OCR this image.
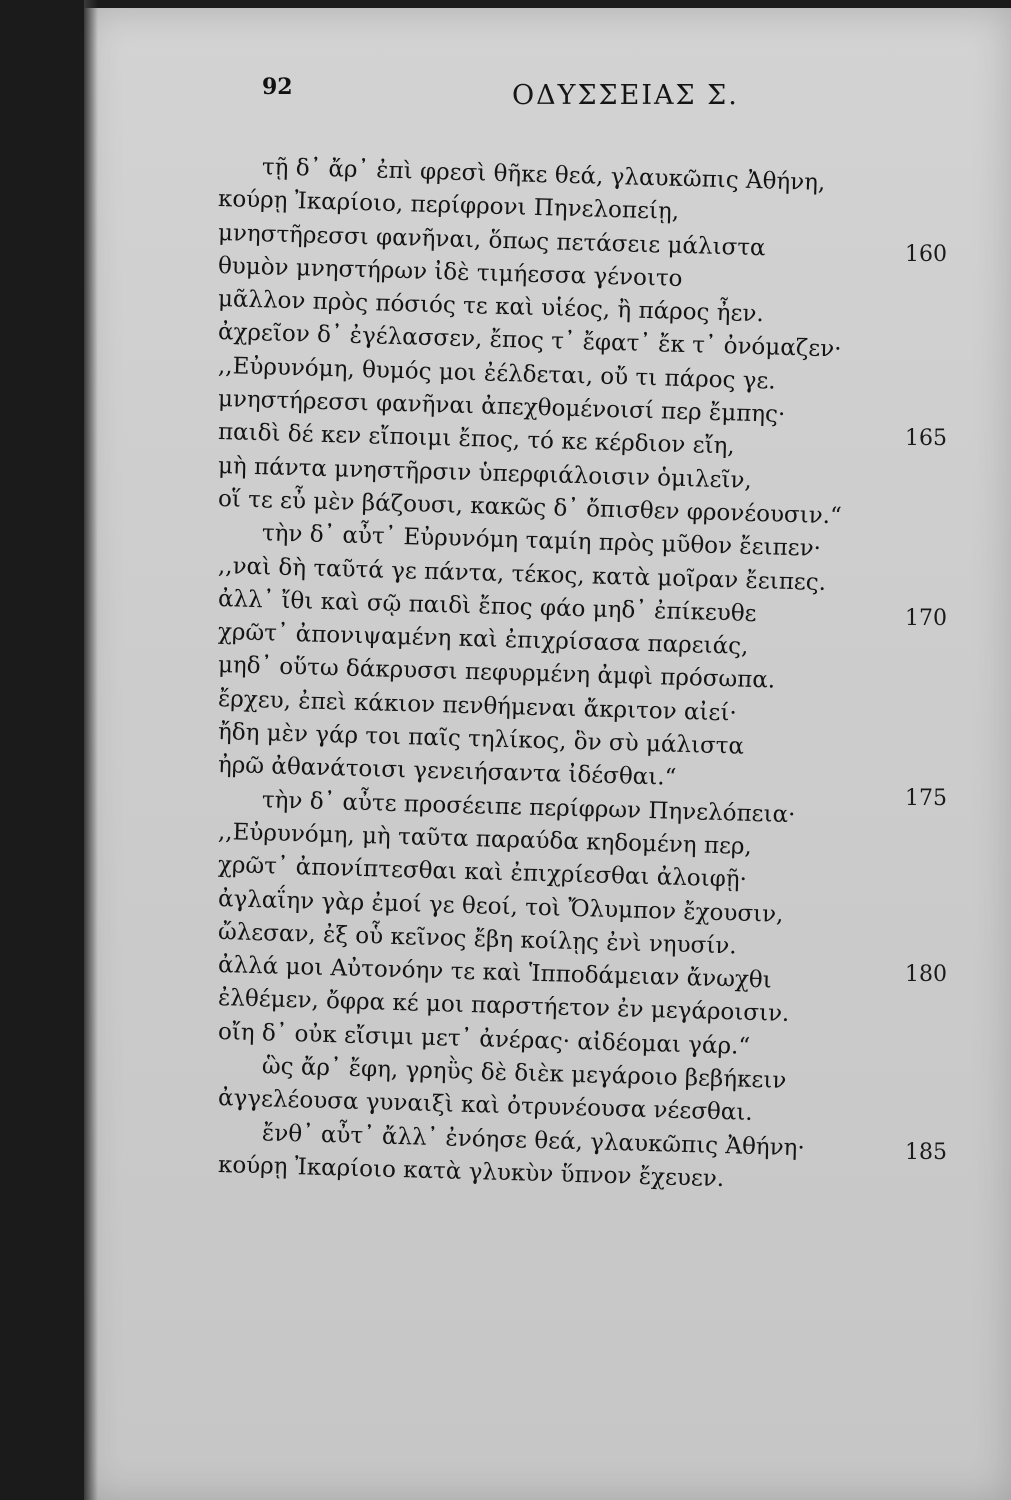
92	ΟΔΥΣΣΕΙΑΣ Σ.
τῇ δ᾿ ἄρ᾿ ἐπὶ φρεσὶ θῆκε θεά, γλαυκῶπις Ἀθήνη,
κούρῃ Ἰκαρίοιο, περίφρονι Πηνελοπείῃ,
μνηστῆρεσσι φανῆναι, ὅπως πετάσειε μάλιστα
θυμὸν μνηστήρων ἰδὲ τιμήεσσα γένοιτο
μᾶλλον πρὸς πόσιός τε καὶ υἱέος, ἢ πάρος ἦεν.
ἀχρεῖον δ᾿ ἐγέλασσεν, ἔπος τ᾿ ἔφατ᾿ ἔκ τ᾿ ὀνόμαζεν·
,,Εὐρυνόμη, θυμός μοι ἐέλδεται, οὔ τι πάρος γε.
μνηστήρεσσι φανῆναι ἀπεχθομένοισί περ ἔμπης·
παιδὶ δέ κεν εἴποιμι ἔπος, τό κε κέρδιον εἴη,
μὴ πάντα μνηστῆρσιν ὑπερφιάλοισιν ὁμιλεῖν,
οἵ τε εὖ μὲν βάζουσι, κακῶς δ᾿ ὄπισθεν φρονέουσιν.“
τὴν δ᾿ αὖτ᾿ Εὐρυνόμη ταμίη πρὸς μῦθον ἔειπεν·
,,ναὶ δὴ ταῦτά γε πάντα, τέκος, κατὰ μοῖραν ἔειπες.
ἀλλ᾿ ἴθι καὶ σῷ παιδὶ ἔπος φάο μηδ᾿ ἐπίκευθε
χρῶτ᾿ ἀπονιψαμένη καὶ ἐπιχρίσασα παρειάς,
μηδ᾿ οὕτω δάκρυσσι πεφυρμένη ἀμφὶ πρόσωπα.
ἔρχευ, ἐπεὶ κάκιον πενθήμεναι ἄκριτον αἰεί·
ἤδη μὲν γάρ τοι παῖς τηλίκος, ὃν σὺ μάλιστα
ἠρῶ ἀθανάτοισι γενειήσαντα ἰδέσθαι.“
τὴν δ᾿ αὖτε προσέειπε περίφρων Πηνελόπεια·
,,Εὐρυνόμη, μὴ ταῦτα παραύδα κηδομένη περ,
χρῶτ᾿ ἀπονίπτεσθαι καὶ ἐπιχρίεσθαι ἀλοιφῇ·
ἀγλαΐην γὰρ ἐμοί γε θεοί, τοὶ Ὄλυμπον ἔχουσιν,
ὤλεσαν, ἐξ οὗ κεῖνος ἔβη κοίλῃς ἐνὶ νηυσίν.
ἀλλά μοι Αὐτονόην τε καὶ Ἱπποδάμειαν ἄνωχθι
ἐλθέμεν, ὄφρα κέ μοι παρστήετον ἐν μεγάροισιν.
οἴη δ᾿ οὐκ εἴσιμι μετ᾿ ἀνέρας· αἰδέομαι γάρ.“
ὣς ἄρ᾿ ἔφη, γρηῢς δὲ διὲκ μεγάροιο βεβήκειν
ἀγγελέουσα γυναιξὶ καὶ ὀτρυνέουσα νέεσθαι.
ἔνθ᾿ αὖτ᾿ ἄλλ᾿ ἐνόησε θεά, γλαυκῶπις Ἀθήνη·
κούρῃ Ἰκαρίοιο κατὰ γλυκὺν ὕπνον ἔχευεν.
160
165
170
175
180
185
